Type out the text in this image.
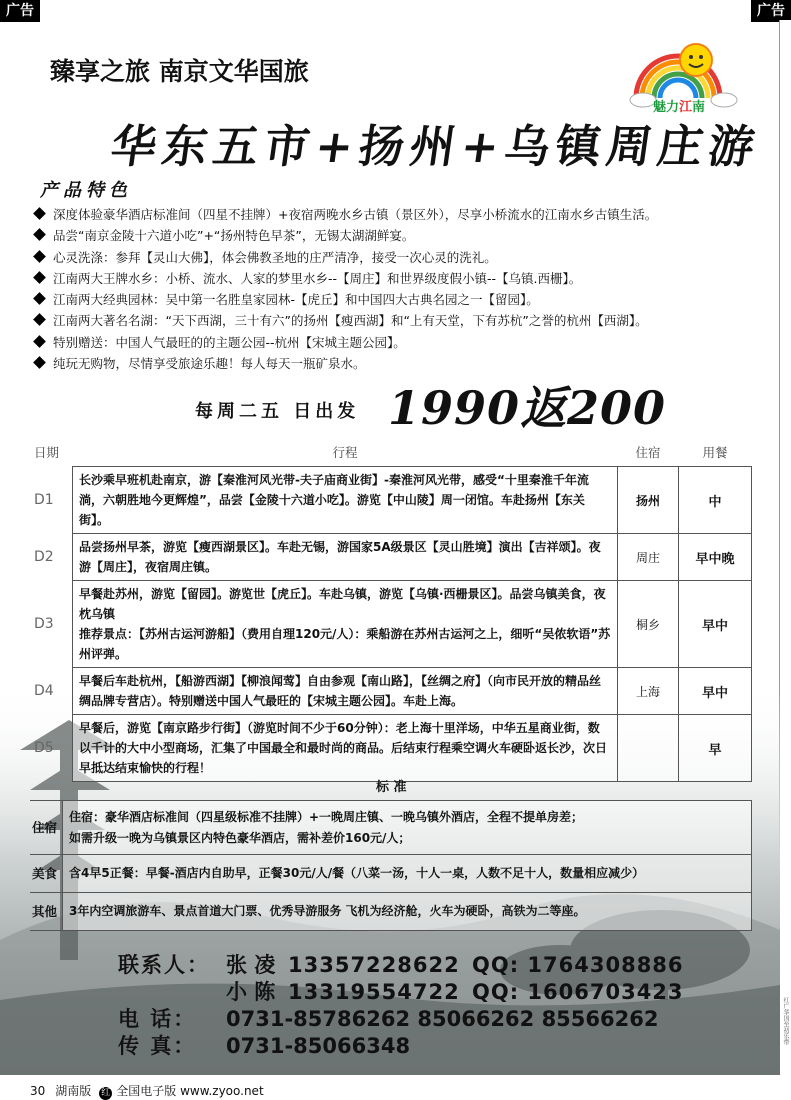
广告	广告
红广华国至初乐带
臻享之旅 南京文华国旅
魅力江南
华东五市+扬州+乌镇周庄游
产品特色
深度体验豪华酒店标准间（四星不挂牌）+夜宿两晚水乡古镇（景区外），尽享小桥流水的江南水乡古镇生活。
品尝“南京金陵十六道小吃”+“扬州特色早茶”，无锡太湖湖鲜宴。
心灵洗涤：参拜【灵山大佛】，体会佛教圣地的庄严清净，接受一次心灵的洗礼。
江南两大王牌水乡：小桥、流水、人家的梦里水乡--【周庄】和世界级度假小镇--【乌镇.西栅】。
江南两大经典园林：吴中第一名胜皇家园林-【虎丘】和中国四大古典名园之一【留园】。
江南两大著名名湖：“天下西湖，三十有六”的扬州【瘦西湖】和“上有天堂，下有苏杭”之誉的杭州【西湖】。
特别赠送：中国人气最旺的的主题公园--杭州【宋城主题公园】。
纯玩无购物，尽情享受旅途乐趣！每人每天一瓶矿泉水。
每周二五 日出发 1990返200
日期	行程	住宿	用餐
D1	长沙乘早班机赴南京，游【秦淮河风光带-夫子庙商业街】-秦淮河风光带，感受“十里秦淮千年流淌，六朝胜地今更辉煌”，品尝【金陵十六道小吃】。游览【中山陵】周一闭馆。车赴扬州【东关街】。	扬州	中
D2	品尝扬州早茶，游览【瘦西湖景区】。车赴无锡，游国家5A级景区【灵山胜境】演出【吉祥颂】。夜游【周庄】，夜宿周庄镇。	周庄	早中晚
D3	早餐赴苏州，游览【留园】。游览世【虎丘】。车赴乌镇，游览【乌镇·西栅景区】。品尝乌镇美食，夜枕乌镇
推荐景点：【苏州古运河游船】（费用自理120元/人）：乘船游在苏州古运河之上，细听“吴侬软语”苏州评弹。	桐乡	早中
D4	早餐后车赴杭州，【船游西湖】【柳浪闻莺】自由参观【南山路】，【丝绸之府】（向市民开放的精品丝绸品牌专营店）。特别赠送中国人气最旺的【宋城主题公园】。车赴上海。	上海	早中
D5	早餐后，游览【南京路步行街】（游览时间不少于60分钟）：老上海十里洋场，中华五星商业街，数以千计的大中小型商场，汇集了中国最全和最时尚的商品。后结束行程乘空调火车硬卧返长沙，次日早抵达结束愉快的行程！		早
标 准
住宿	住宿：豪华酒店标准间（四星级标准不挂牌）+一晚周庄镇、一晚乌镇外酒店，全程不提单房差；
如需升级一晚为乌镇景区内特色豪华酒店，需补差价160元/人；

美食	含4早5正餐：早餐-酒店内自助早，正餐30元/人/餐（八菜一汤，十人一桌，人数不足十人，数量相应减少）

其他	3年内空调旅游车、景点首道大门票、优秀导游服务 飞机为经济舱，火车为硬卧，高铁为二等座。
联系人： 张 凌 13357228622 QQ: 1764308886
小 陈 13319554722 QQ: 1606703423
电 话： 0731-85786262 85066262 85566262
传 真： 0731-85066348
30 湖南版 红 全国电子版 www.zyoo.net
